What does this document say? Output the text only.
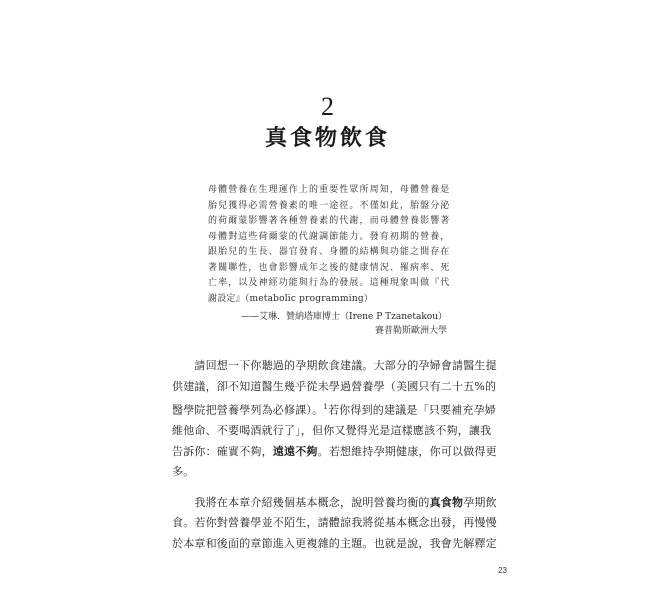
2
真食物飲食
母體營養在生理運作上的重要性眾所周知，母體營養是
胎兒獲得必需營養素的唯一途徑。不僅如此，胎盤分泌
的荷爾蒙影響著各種營養素的代謝，而母體營養影響著
母體對這些荷爾蒙的代謝調節能力。發育初期的營養，
跟胎兒的生長、器官發育、身體的結構與功能之間存在
著關聯性，也會影響成年之後的健康情況、罹病率、死
亡率，以及神經功能與行為的發展。這種現象叫做『代
謝設定』（metabolic programming）
——艾琳．贊納塔庫博士（Irene P Tzanetakou）
賽普勒斯歐洲大學
　　請回想一下你聽過的孕期飲食建議。大部分的孕婦會請醫生提
供建議，卻不知道醫生幾乎從未學過營養學（美國只有二十五%的
醫學院把營養學列為必修課）。$^1$若你得到的建議是「只要補充孕婦
維他命、不要喝酒就行了」，但你又覺得光是這樣應該不夠，讓我
告訴你：確實不夠，遠遠不夠。若想維持孕期健康，你可以做得更
多。
　　我將在本章介紹幾個基本概念，說明營養均衡的真食物孕期飲
食。若你對營養學並不陌生，請體諒我將從基本概念出發，再慢慢
於本章和後面的章節進入更複雜的主題。也就是說，我會先解釋定
23
